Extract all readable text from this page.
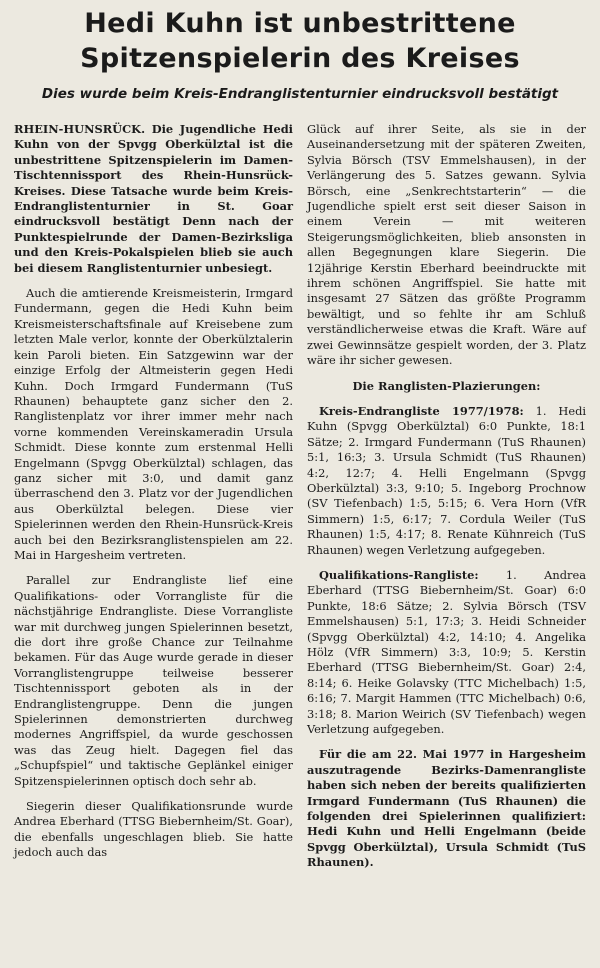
Hedi Kuhn ist unbestrittene
Spitzenspielerin des Kreises
Dies wurde beim Kreis-Endranglistenturnier eindrucksvoll bestätigt

RHEIN-HUNSRÜCK. Die Jugendliche Hedi Kuhn von der Spvgg Oberkülztal ist die unbestrittene Spitzenspielerin im Damen-Tischtennissport des Rhein-Hunsrück-Kreises. Diese Tatsache wurde beim Kreis-Endranglistenturnier in St. Goar eindrucksvoll bestätigt Denn nach der Punktespielrunde der Damen-Bezirksliga und den Kreis-Pokalspielen blieb sie auch bei diesem Ranglistenturnier unbesiegt.

Auch die amtierende Kreismeisterin, Irmgard Fundermann, gegen die Hedi Kuhn beim Kreismeisterschaftsfinale auf Kreisebene zum letzten Male verlor, konnte der Oberkülztalerin kein Paroli bieten. Ein Satzgewinn war der einzige Erfolg der Altmeisterin gegen Hedi Kuhn. Doch Irmgard Fundermann (TuS Rhaunen) behauptete ganz sicher den 2. Ranglistenplatz vor ihrer immer mehr nach vorne kommenden Vereinskameradin Ursula Schmidt. Diese konnte zum erstenmal Helli Engelmann (Spvgg Oberkülztal) schlagen, das ganz sicher mit 3:0, und damit ganz überraschend den 3. Platz vor der Jugendlichen aus Oberkülztal belegen. Diese vier Spielerinnen werden den Rhein-Hunsrück-Kreis auch bei den Bezirksranglistenspielen am 22. Mai in Hargesheim vertreten.

Parallel zur Endrangliste lief eine Qualifikations- oder Vorrangliste für die nächstjährige Endrangliste. Diese Vorrangliste war mit durchweg jungen Spielerinnen besetzt, die dort ihre große Chance zur Teilnahme bekamen. Für das Auge wurde gerade in dieser Vorranglistengruppe teilweise besserer Tischtennissport geboten als in der Endranglistengruppe. Denn die jungen Spielerinnen demonstrierten durchweg modernes Angriffspiel, da wurde geschossen was das Zeug hielt. Dagegen fiel das „Schupfspiel“ und taktische Geplänkel einiger Spitzenspielerinnen optisch doch sehr ab.

Siegerin dieser Qualifikationsrunde wurde Andrea Eberhard (TTSG Biebernheim/St. Goar), die ebenfalls ungeschlagen blieb. Sie hatte jedoch auch das

Glück auf ihrer Seite, als sie in der Auseinandersetzung mit der späteren Zweiten, Sylvia Börsch (TSV Emmelshausen), in der Verlängerung des 5. Satzes gewann. Sylvia Börsch, eine „Senkrechtstarterin“ — die Jugendliche spielt erst seit dieser Saison in einem Verein — mit weiteren Steigerungsmöglichkeiten, blieb ansonsten in allen Begegnungen klare Siegerin. Die 12jährige Kerstin Eberhard beeindruckte mit ihrem schönen Angriffspiel. Sie hatte mit insgesamt 27 Sätzen das größte Programm bewältigt, und so fehlte ihr am Schluß verständlicherweise etwas die Kraft. Wäre auf zwei Gewinnsätze gespielt worden, der 3. Platz wäre ihr sicher gewesen.

Die Ranglisten-Plazierungen:

Kreis-Endrangliste 1977/1978: 1. Hedi Kuhn (Spvgg Oberkülztal) 6:0 Punkte, 18:1 Sätze; 2. Irmgard Fundermann (TuS Rhaunen) 5:1, 16:3; 3. Ursula Schmidt (TuS Rhaunen) 4:2, 12:7; 4. Helli Engelmann (Spvgg Oberkülztal) 3:3, 9:10; 5. Ingeborg Prochnow (SV Tiefenbach) 1:5, 5:15; 6. Vera Horn (VfR Simmern) 1:5, 6:17; 7. Cordula Weiler (TuS Rhaunen) 1:5, 4:17; 8. Renate Kühnreich (TuS Rhaunen) wegen Verletzung aufgegeben.

Qualifikations-Rangliste: 1. Andrea Eberhard (TTSG Biebernheim/St. Goar) 6:0 Punkte, 18:6 Sätze; 2. Sylvia Börsch (TSV Emmelshausen) 5:1, 17:3; 3. Heidi Schneider (Spvgg Oberkülztal) 4:2, 14:10; 4. Angelika Hölz (VfR Simmern) 3:3, 10:9; 5. Kerstin Eberhard (TTSG Biebernheim/St. Goar) 2:4, 8:14; 6. Heike Golavsky (TTC Michelbach) 1:5, 6:16; 7. Margit Hammen (TTC Michelbach) 0:6, 3:18; 8. Marion Weirich (SV Tiefenbach) wegen Verletzung aufgegeben.

Für die am 22. Mai 1977 in Hargesheim auszutragende Bezirks-Damenrangliste haben sich neben der bereits qualifizierten Irmgard Fundermann (TuS Rhaunen) die folgenden drei Spielerinnen qualifiziert: Hedi Kuhn und Helli Engelmann (beide Spvgg Oberkülztal), Ursula Schmidt (TuS Rhaunen).
